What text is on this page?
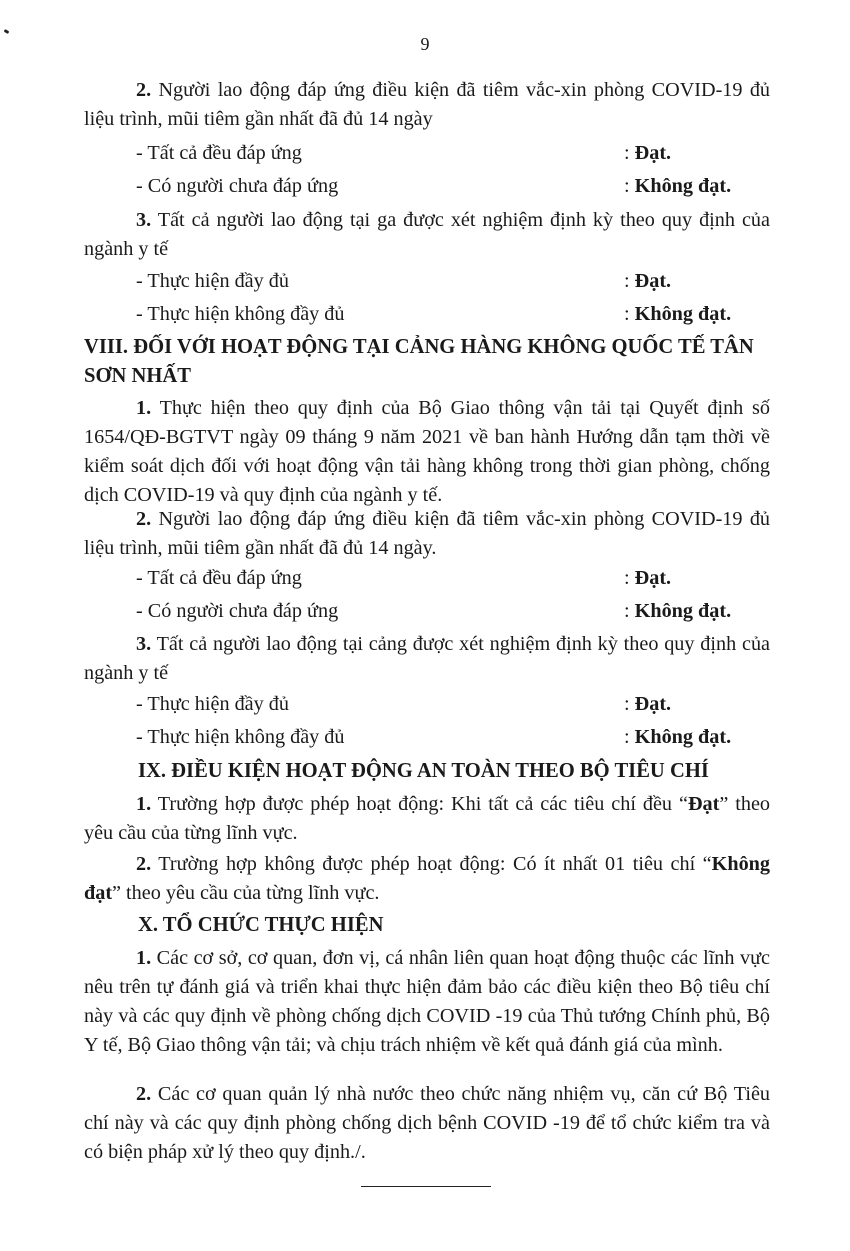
9

2. Người lao động đáp ứng điều kiện đã tiêm vắc-xin phòng COVID-19 đủ liệu trình, mũi tiêm gần nhất đã đủ 14 ngày

- Tất cả đều đáp ứng	: Đạt.
- Có người chưa đáp ứng	: Không đạt.

3. Tất cả người lao động tại ga được xét nghiệm định kỳ theo quy định của ngành y tế

- Thực hiện đầy đủ	: Đạt.
- Thực hiện không đầy đủ	: Không đạt.
VIII. ĐỐI VỚI HOẠT ĐỘNG TẠI CẢNG HÀNG KHÔNG QUỐC TẾ TÂN SƠN NHẤT

1. Thực hiện theo quy định của Bộ Giao thông vận tải tại Quyết định số 1654/QĐ-BGTVT ngày 09 tháng 9 năm 2021 về ban hành Hướng dẫn tạm thời về kiểm soát dịch đối với hoạt động vận tải hàng không trong thời gian phòng, chống dịch COVID-19 và quy định của ngành y tế.

2. Người lao động đáp ứng điều kiện đã tiêm vắc-xin phòng COVID-19 đủ liệu trình, mũi tiêm gần nhất đã đủ 14 ngày.

- Tất cả đều đáp ứng	: Đạt.
- Có người chưa đáp ứng	: Không đạt.

3. Tất cả người lao động tại cảng được xét nghiệm định kỳ theo quy định của ngành y tế

- Thực hiện đầy đủ	: Đạt.
- Thực hiện không đầy đủ	: Không đạt.
IX. ĐIỀU KIỆN HOẠT ĐỘNG AN TOÀN THEO BỘ TIÊU CHÍ

1. Trường hợp được phép hoạt động: Khi tất cả các tiêu chí đều “Đạt” theo yêu cầu của từng lĩnh vực.

2. Trường hợp không được phép hoạt động: Có ít nhất 01 tiêu chí “Không đạt” theo yêu cầu của từng lĩnh vực.

X. TỔ CHỨC THỰC HIỆN

1. Các cơ sở, cơ quan, đơn vị, cá nhân liên quan hoạt động thuộc các lĩnh vực nêu trên tự đánh giá và triển khai thực hiện đảm bảo các điều kiện theo Bộ tiêu chí này và các quy định về phòng chống dịch COVID -19 của Thủ tướng Chính phủ, Bộ Y tế, Bộ Giao thông vận tải; và chịu trách nhiệm về kết quả đánh giá của mình.

2. Các cơ quan quản lý nhà nước theo chức năng nhiệm vụ, căn cứ Bộ Tiêu chí này và các quy định phòng chống dịch bệnh COVID -19 để tổ chức kiểm tra và có biện pháp xử lý theo quy định./.
